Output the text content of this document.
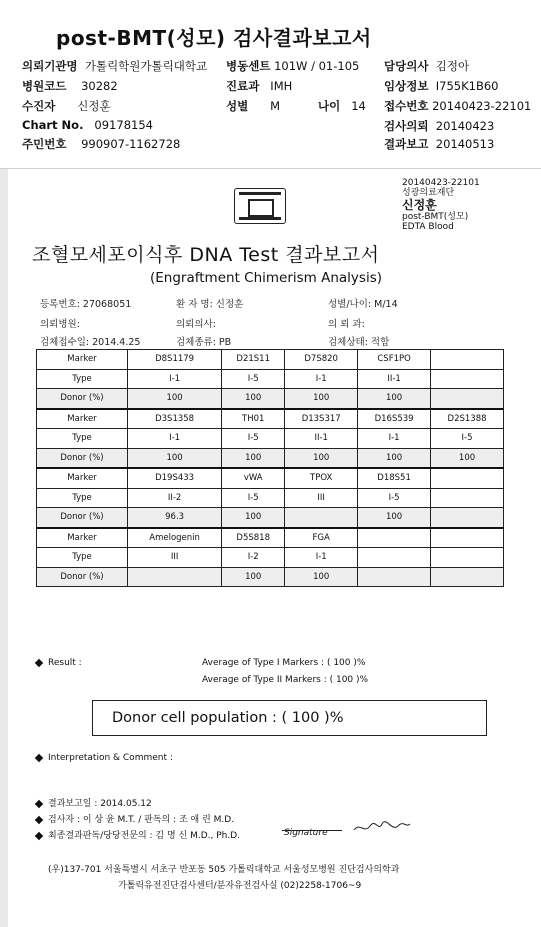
post-BMT(성모) 검사결과보고서
의뢰기관명 가톨릭학원가톨릭대학교 병동센트 101W / 01-105 담당의사 김정아
병원코드 30282	진료과 IMH	임상정보 I755K1B60
수진자 신정훈	성별 M	나이 14 접수번호 20140423-22101
Chart No. 09178154	검사의뢰 20140423
주민번호 990907-1162728	결과보고 20140513
20140423-22101
성광의료재단
신정훈
post-BMT(성모)
EDTA Blood
조혈모세포이식후 DNA Test 결과보고서
(Engraftment Chimerism Analysis)
등록번호: 27068051	환 자 명: 신정훈	성별/나이: M/14
의뢰병원:	의뢰의사:	의 뢰 과:
검체접수일: 2014.4.25	검체종류: PB	검체상태: 적합
Marker	D8S1179	D21S11	D7S820	CSF1PO	
Type	I-1	I-5	I-1	II-1	
Donor (%)	100	100	100	100	
Marker	D3S1358	TH01	D13S317	D16S539	D2S1388
Type	I-1	I-5	II-1	I-1	I-5
Donor (%)	100	100	100	100	100
Marker	D19S433	vWA	TPOX	D18S51	
Type	II-2	I-5	III	I-5	
Donor (%)	96.3	100		100	
Marker	Amelogenin	D5S818	FGA		
Type	III	I-2	I-1		
Donor (%)		100	100		
Result :	Average of Type I Markers : ( 100 )%
Average of Type II Markers : ( 100 )%
Donor cell population : ( 100 )%
Interpretation & Comment :
결과보고일 : 2014.05.12
검사자 : 이 상 윤 M.T. / 판독의 : 조 애 린 M.D.
최종결과판독/당당전문의 : 김 명 신 M.D., Ph.D.	Signature
(우)137-701 서울특별시 서초구 반포동 505 가톨릭대학교 서울성모병원 진단검사의학과
가톨릭유전진단검사센터/분자유전검사실 (02)2258-1706~9
